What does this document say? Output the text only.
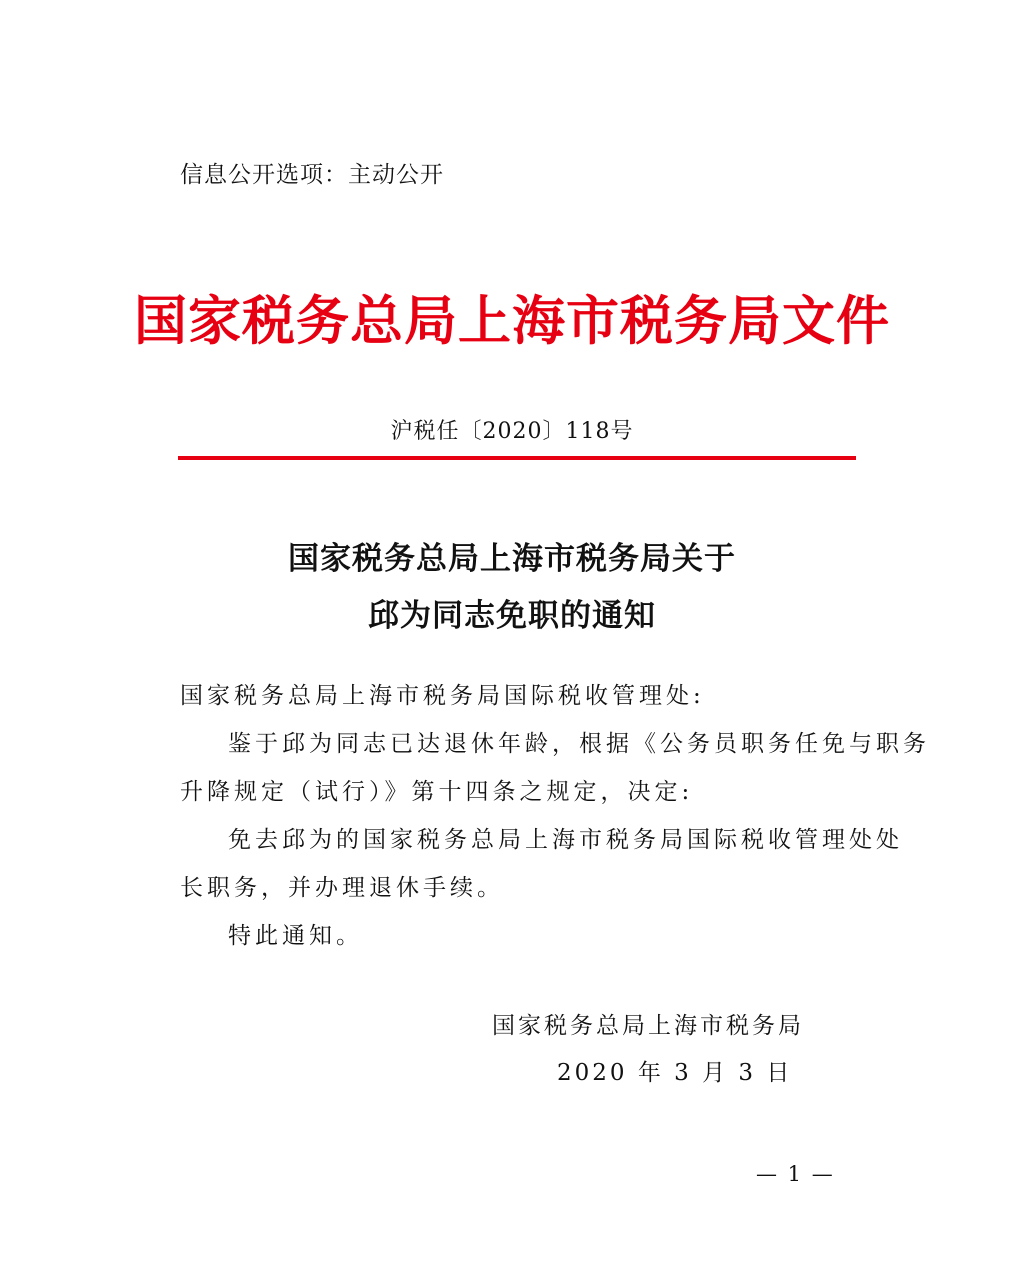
信息公开选项：主动公开
国家税务总局上海市税务局文件
沪税任〔2020〕118号
国家税务总局上海市税务局关于
邱为同志免职的通知
国家税务总局上海市税务局国际税收管理处:
鉴于邱为同志已达退休年龄，根据《公务员职务任免与职务
升降规定（试行）》第十四条之规定，决定:
免去邱为的国家税务总局上海市税务局国际税收管理处处
长职务，并办理退休手续。
特此通知。
国家税务总局上海市税务局
2020 年 3 月 3 日
— 1 —
